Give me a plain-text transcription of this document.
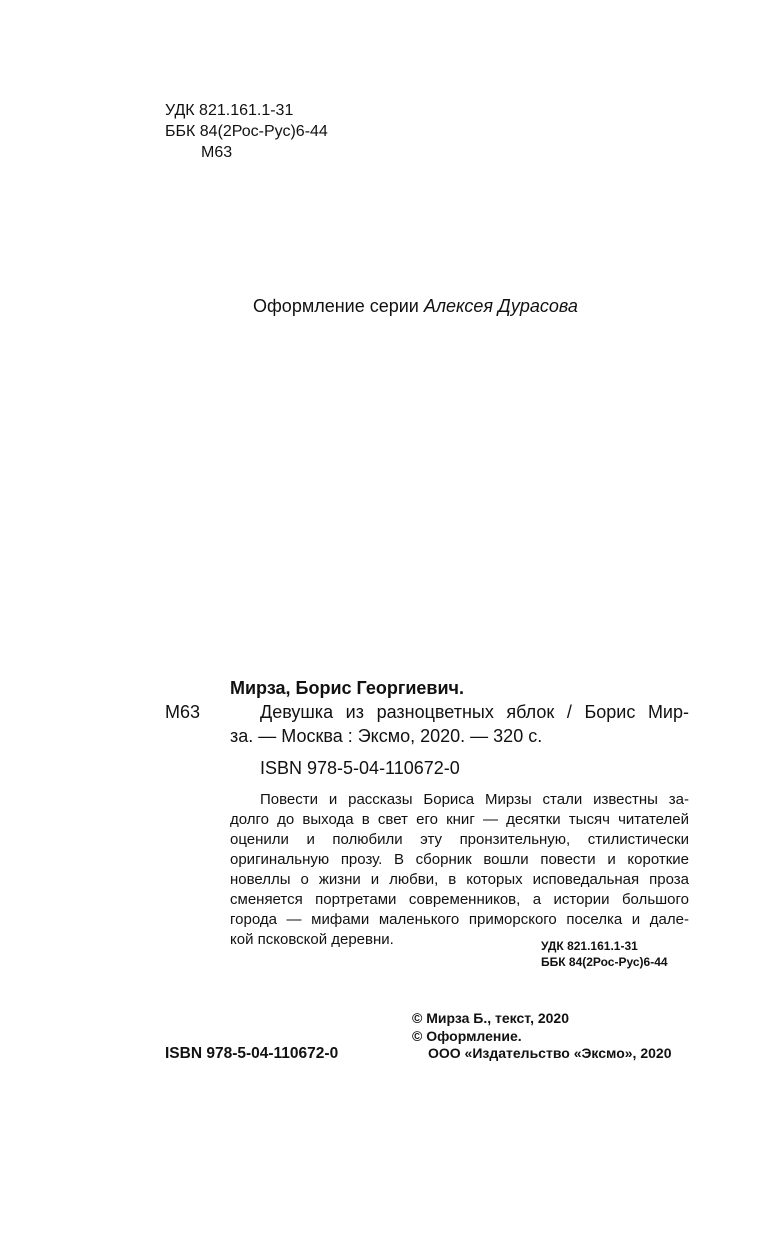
УДК 821.161.1-31
ББК 84(2Рос-Рус)6-44
М63
Оформление серии Алексея Дурасова
Мирза, Борис Георгиевич.
М63	Девушка из разноцветных яблок / Борис Мир-
за. — Москва : Эксмо, 2020. — 320 с.
ISBN 978-5-04-110672-0
Повести и рассказы Бориса Мирзы стали известны за-
долго до выхода в свет его книг — десятки тысяч читателей
оценили и полюбили эту пронзительную, стилистически
оригинальную прозу. В сборник вошли повести и короткие
новеллы о жизни и любви, в которых исповедальная проза
сменяется портретами современников, а истории большого
города — мифами маленького приморского поселка и дале-
кой псковской деревни.	УДК 821.161.1-31
ББК 84(2Рос-Рус)6-44
© Мирза Б., текст, 2020
© Оформление.
ISBN 978-5-04-110672-0	ООО «Издательство «Эксмо», 2020
